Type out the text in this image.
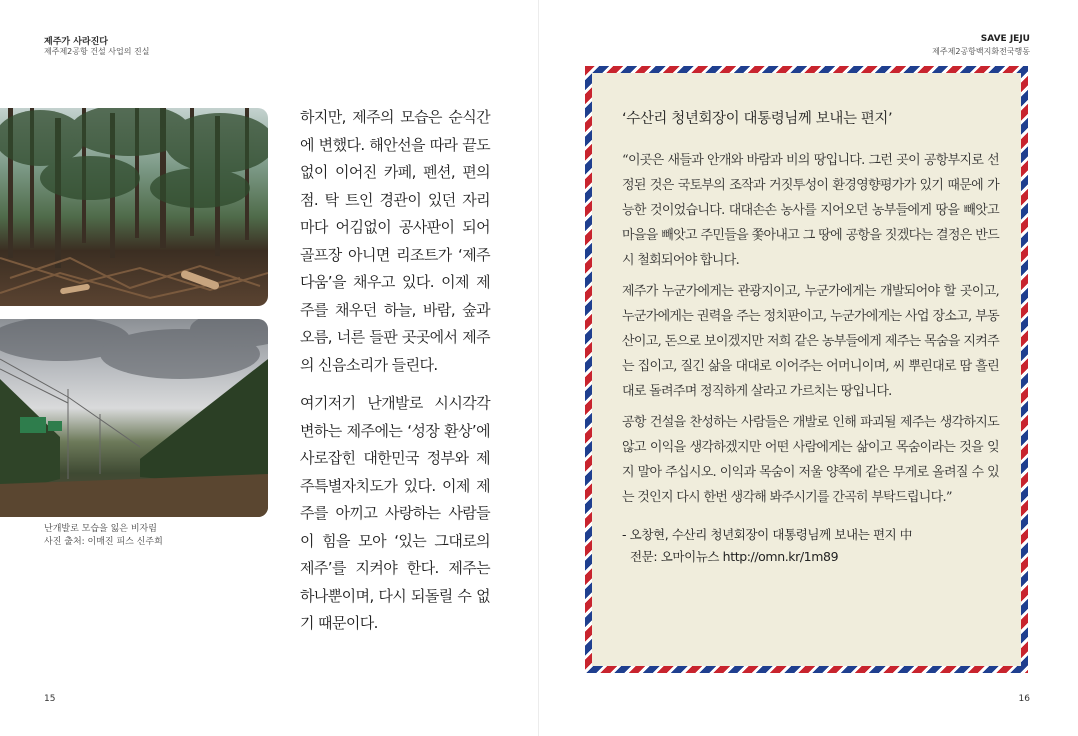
제주가 사라진다
제주제2공항 건설 사업의 진실
SAVE JEJU
제주제2공항백지화전국행동
난개발로 모습을 잃은 비자림
사진 출처: 이매진 피스 신주희

하지만, 제주의 모습은 순식간에 변했다. 해안선을 따라 끝도 없이 이어진 카페, 펜션, 편의점. 탁 트인 경관이 있던 자리마다 어김없이 공사판이 되어 골프장 아니면 리조트가 ‘제주다움’을 채우고 있다. 이제 제주를 채우던 하늘, 바람, 숲과 오름, 너른 들판 곳곳에서 제주의 신음소리가 들린다.

여기저기 난개발로 시시각각 변하는 제주에는 ‘성장 환상’에 사로잡힌 대한민국 정부와 제주특별자치도가 있다. 이제 제주를 아끼고 사랑하는 사람들이 힘을 모아 ‘있는 그대로의 제주’를 지켜야 한다. 제주는 하나뿐이며, 다시 되돌릴 수 없기 때문이다.

‘수산리 청년회장이 대통령님께 보내는 편지’

“이곳은 새들과 안개와 바람과 비의 땅입니다. 그런 곳이 공항부지로 선정된 것은 국토부의 조작과 거짓투성이 환경영향평가가 있기 때문에 가능한 것이었습니다. 대대손손 농사를 지어오던 농부들에게 땅을 빼앗고 마을을 빼앗고 주민들을 쫓아내고 그 땅에 공항을 짓겠다는 결정은 반드시 철회되어야 합니다.

제주가 누군가에게는 관광지이고, 누군가에게는 개발되어야 할 곳이고, 누군가에게는 권력을 주는 정치판이고, 누군가에게는 사업 장소고, 부동산이고, 돈으로 보이겠지만 저희 같은 농부들에게 제주는 목숨을 지켜주는 집이고, 질긴 삶을 대대로 이어주는 어머니이며, 씨 뿌린대로 땀 흘린대로 돌려주며 정직하게 살라고 가르치는 땅입니다.

공항 건설을 찬성하는 사람들은 개발로 인해 파괴될 제주는 생각하지도 않고 이익을 생각하겠지만 어떤 사람에게는 삶이고 목숨이라는 것을 잊지 말아 주십시오. 이익과 목숨이 저울 양쪽에 같은 무게로 올려질 수 있는 것인지 다시 한번 생각해 봐주시기를 간곡히 부탁드립니다.”

- 오창현, 수산리 청년회장이 대통령님께 보내는 편지 中
전문: 오마이뉴스 http://omn.kr/1m89
15	16
